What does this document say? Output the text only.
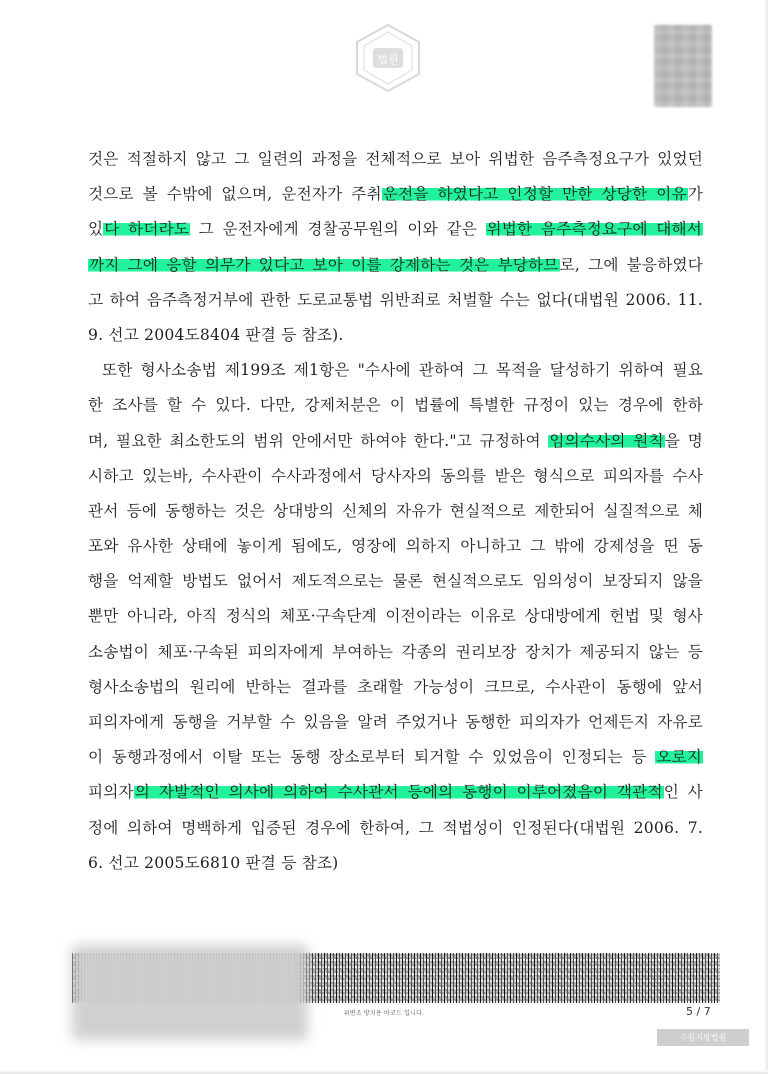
법원
것은 적절하지 않고 그 일련의 과정을 전체적으로 보아 위법한 음주측정요구가 있었던
것으로 볼 수밖에 없으며, 운전자가 주취운전을 하였다고 인정할 만한 상당한 이유가
있다 하더라도 그 운전자에게 경찰공무원의 이와 같은 위법한 음주측정요구에 대해서
까지 그에 응할 의무가 있다고 보아 이를 강제하는 것은 부당하므로, 그에 불응하였다
고 하여 음주측정거부에 관한 도로교통법 위반죄로 처벌할 수는 없다(대법원 2006. 11.
9. 선고 2004도8404 판결 등 참조).
또한 형사소송법 제199조 제1항은 "수사에 관하여 그 목적을 달성하기 위하여 필요
한 조사를 할 수 있다. 다만, 강제처분은 이 법률에 특별한 규정이 있는 경우에 한하
며, 필요한 최소한도의 범위 안에서만 하여야 한다."고 규정하여 임의수사의 원칙을 명
시하고 있는바, 수사관이 수사과정에서 당사자의 동의를 받은 형식으로 피의자를 수사
관서 등에 동행하는 것은 상대방의 신체의 자유가 현실적으로 제한되어 실질적으로 체
포와 유사한 상태에 놓이게 됨에도, 영장에 의하지 아니하고 그 밖에 강제성을 띤 동
행을 억제할 방법도 없어서 제도적으로는 물론 현실적으로도 임의성이 보장되지 않을
뿐만 아니라, 아직 정식의 체포·구속단계 이전이라는 이유로 상대방에게 헌법 및 형사
소송법이 체포·구속된 피의자에게 부여하는 각종의 권리보장 장치가 제공되지 않는 등
형사소송법의 원리에 반하는 결과를 초래할 가능성이 크므로, 수사관이 동행에 앞서
피의자에게 동행을 거부할 수 있음을 알려 주었거나 동행한 피의자가 언제든지 자유로
이 동행과정에서 이탈 또는 동행 장소로부터 퇴거할 수 있었음이 인정되는 등 오로지
피의자의 자발적인 의사에 의하여 수사관서 등에의 동행이 이루어졌음이 객관적인 사
정에 의하여 명백하게 입증된 경우에 한하여, 그 적법성이 인정된다(대법원 2006. 7.
6. 선고 2005도6810 판결 등 참조)
위변조 방지용 바코드 입니다.	5 / 7
수원지방법원
